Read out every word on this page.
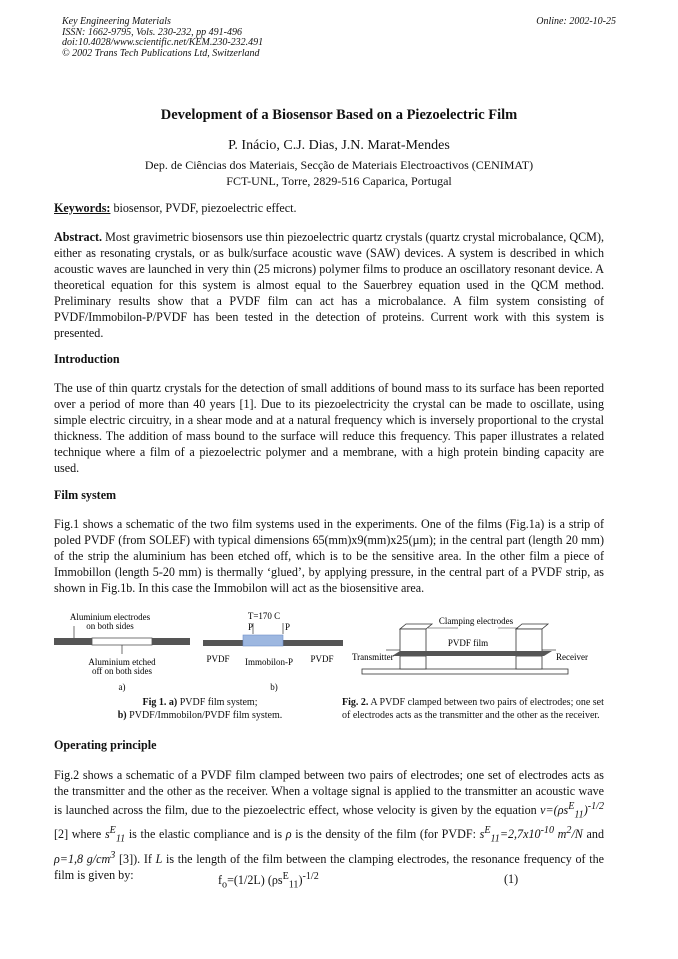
Key Engineering Materials
ISSN: 1662-9795, Vols. 230-232, pp 491-496
doi:10.4028/www.scientific.net/KEM.230-232.491
© 2002 Trans Tech Publications Ltd, Switzerland
Online: 2002-10-25
Development of a Biosensor Based on a Piezoelectric Film
P. Inácio, C.J. Dias, J.N. Marat-Mendes
Dep. de Ciências dos Materiais, Secção de Materiais Electroactivos (CENIMAT)
FCT-UNL, Torre, 2829-516 Caparica, Portugal
Keywords: biosensor, PVDF, piezoelectric effect.
Abstract. Most gravimetric biosensors use thin piezoelectric quartz crystals (quartz crystal microbalance, QCM), either as resonating crystals, or as bulk/surface acoustic wave (SAW) devices. A system is described in which acoustic waves are launched in very thin (25 microns) polymer films to produce an oscillatory resonant device. A theoretical equation for this system is almost equal to the Sauerbrey equation used in the QCM method. Preliminary results show that a PVDF film can act has a microbalance. A film system consisting of PVDF/Immobilon-P/PVDF has been tested in the detection of proteins. Current work with this system is presented.
Introduction
The use of thin quartz crystals for the detection of small additions of bound mass to its surface has been reported over a period of more than 40 years [1]. Due to its piezoelectricity the crystal can be made to oscillate, using simple electric circuitry, in a shear mode and at a natural frequency which is inversely proportional to the crystal thickness. The addition of mass bound to the surface will reduce this frequency. This paper illustrates a related technique where a film of a piezoelectric polymer and a membrane, with a high protein binding capacity are used.
Film system
Fig.1 shows a schematic of the two film systems used in the experiments. One of the films (Fig.1a) is a strip of poled PVDF (from SOLEF) with typical dimensions 65(mm)x9(mm)x25(µm); in the central part (length 20 mm) of the strip the aluminium has been etched off, which is to be the sensitive area. In the other film a piece of Immobillon (length 5-20 mm) is thermally ‘glued’, by applying pressure, in the central part of a PVDF strip, as shown in Fig.1b. In this case the Immobilon will act as the biosensitive area.
Aluminium electrodes
on both sides
Aluminium etched
off on both sides
a)
T=170 C
P	P
PVDF Immobilon-P PVDF
b)
Fig 1. a) PVDF film system;
b) PVDF/Immobilon/PVDF film system.
Clamping electrodes
PVDF film
Transmitter	Receiver
Fig. 2. A PVDF clamped between two pairs of electrodes; one set of electrodes acts as the transmitter and the other as the receiver.
Operating principle
Fig.2 shows a schematic of a PVDF film clamped between two pairs of electrodes; one set of electrodes acts as the transmitter and the other as the receiver. When a voltage signal is applied to the transmitter an acoustic wave is launched across the film, due to the piezoelectric effect, whose velocity is given by the equation $v=(\rho s^E_{11})^{-1/2}$ [2] where $s^E_{11}$ is the elastic compliance and is ρ is the density of the film (for PVDF: $s^E_{11}=2,7x10^{-10}$ $m^2/N$ and ρ=1,8 $g/cm^3$ [3]). If L is the length of the film between the clamping electrodes, the resonance frequency of the film is given by:	$f_o=(1/2L)$ $(\rho s^E_{11})^{-1/2}$	(1)
